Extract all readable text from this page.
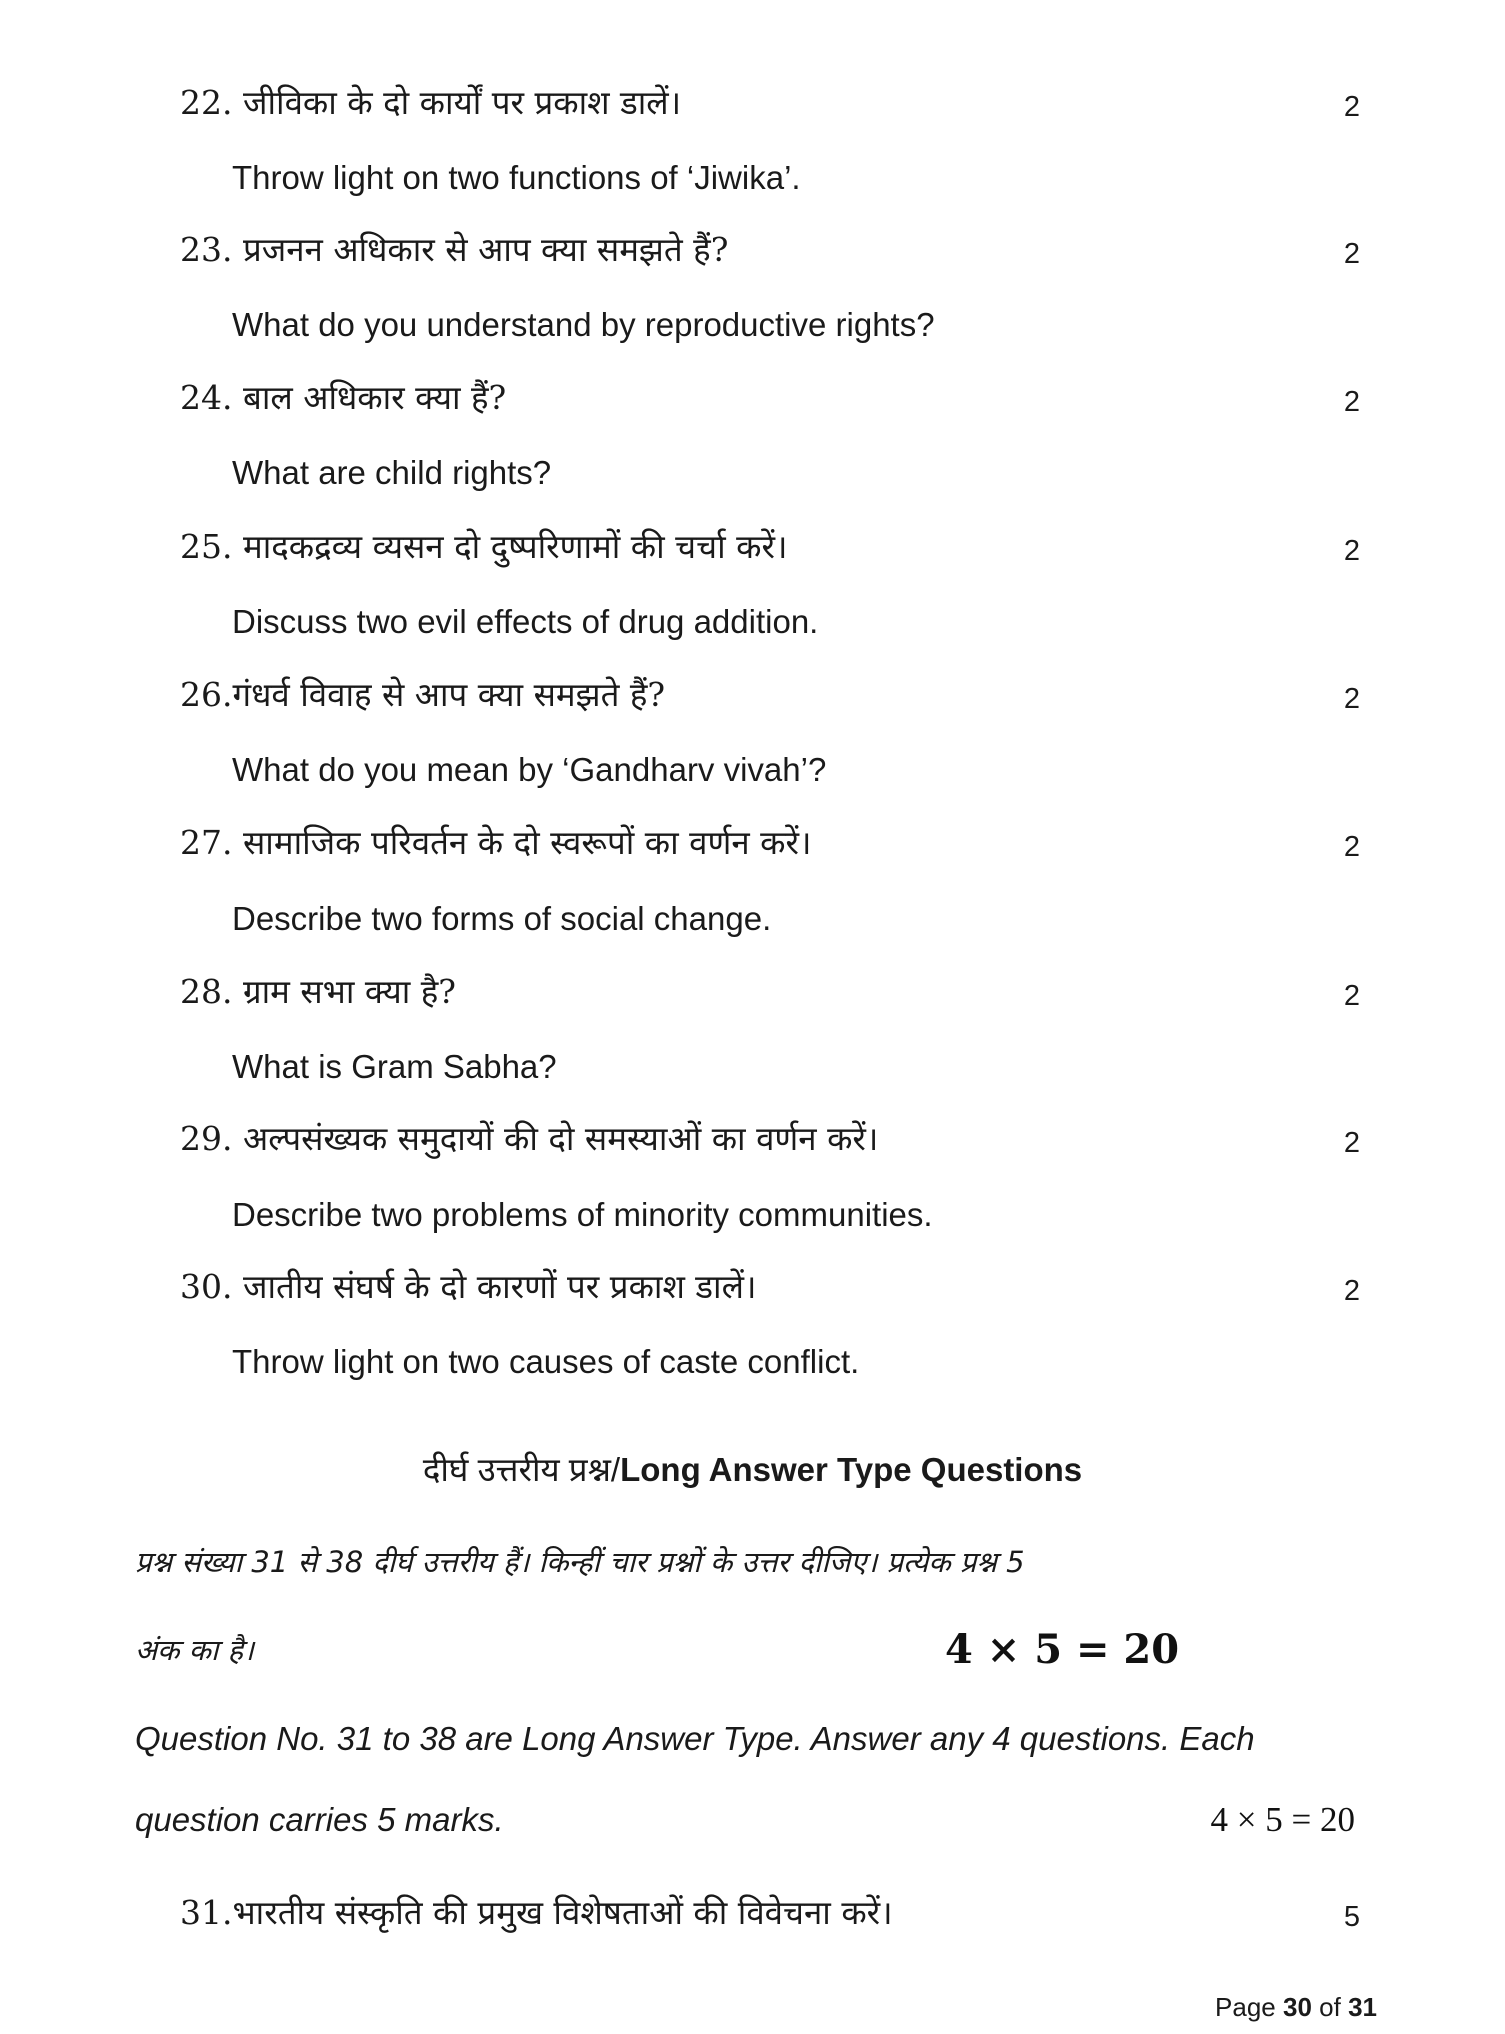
22. जीविका के दो कार्यों पर प्रकाश डालें।	2
Throw light on two functions of ‘Jiwika’.
23. प्रजनन अधिकार से आप क्या समझते हैं?	2
What do you understand by reproductive rights?
24. बाल अधिकार क्या हैं?	2
What are child rights?
25. मादकद्रव्य व्यसन दो दुष्परिणामों की चर्चा करें।	2
Discuss two evil effects of drug addition.
26.गंधर्व विवाह से आप क्या समझते हैं?	2
What do you mean by ‘Gandharv vivah’?
27. सामाजिक परिवर्तन के दो स्वरूपों का वर्णन करें।	2
Describe two forms of social change.
28. ग्राम सभा क्या है?	2
What is Gram Sabha?
29. अल्पसंख्यक समुदायों की दो समस्याओं का वर्णन करें।	2
Describe two problems of minority communities.
30. जातीय संघर्ष के दो कारणों पर प्रकाश डालें।	2
Throw light on two causes of caste conflict.
दीर्घ उत्तरीय प्रश्न/Long Answer Type Questions
प्रश्न संख्या 31 से 38 दीर्घ उत्तरीय हैं। किन्हीं चार प्रश्नों के उत्तर दीजिए। प्रत्येक प्रश्न 5
अंक का है।	4 × 5 = 20
Question No. 31 to 38 are Long Answer Type. Answer any 4 questions. Each
question carries 5 marks.	4 × 5 = 20
31.भारतीय संस्कृति की प्रमुख विशेषताओं की विवेचना करें।	5
Page 30 of 31
